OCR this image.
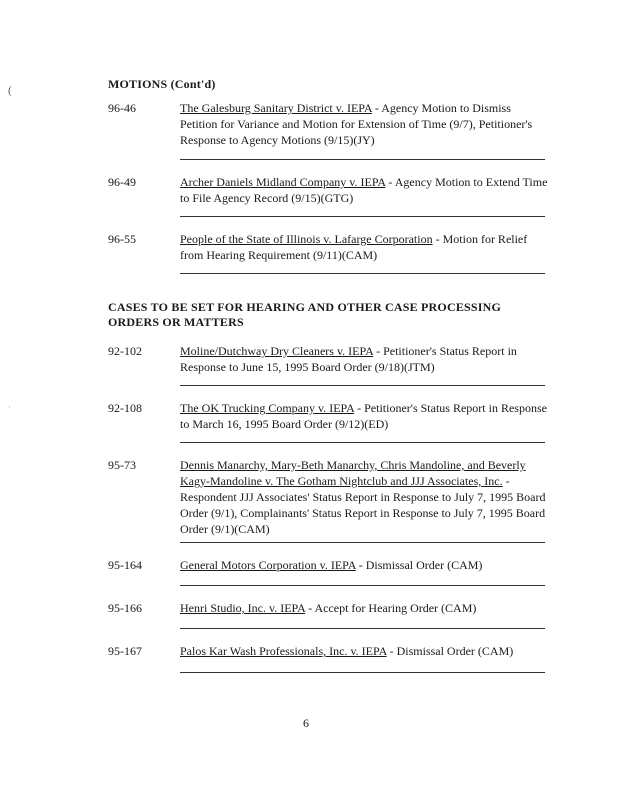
MOTIONS (Cont'd)
96-46	The Galesburg Sanitary District v. IEPA - Agency Motion to Dismiss Petition for Variance and Motion for Extension of Time (9/7), Petitioner's Response to Agency Motions (9/15)(JY)
96-49	Archer Daniels Midland Company v. IEPA - Agency Motion to Extend Time to File Agency Record (9/15)(GTG)
96-55	People of the State of Illinois v. Lafarge Corporation - Motion for Relief from Hearing Requirement (9/11)(CAM)
CASES TO BE SET FOR HEARING AND OTHER CASE PROCESSING ORDERS OR MATTERS
92-102	Moline/Dutchway Dry Cleaners v. IEPA - Petitioner's Status Report in Response to June 15, 1995 Board Order (9/18)(JTM)
92-108	The OK Trucking Company v. IEPA - Petitioner's Status Report in Response to March 16, 1995 Board Order (9/12)(ED)
95-73	Dennis Manarchy, Mary-Beth Manarchy, Chris Mandoline, and Beverly Kagy-Mandoline v. The Gotham Nightclub and JJJ Associates, Inc. - Respondent JJJ Associates' Status Report in Response to July 7, 1995 Board Order (9/1), Complainants' Status Report in Response to July 7, 1995 Board Order (9/1)(CAM)
95-164	General Motors Corporation v. IEPA - Dismissal Order (CAM)
95-166	Henri Studio, Inc. v. IEPA - Accept for Hearing Order (CAM)
95-167	Palos Kar Wash Professionals, Inc. v. IEPA - Dismissal Order (CAM)
6
(
˙
